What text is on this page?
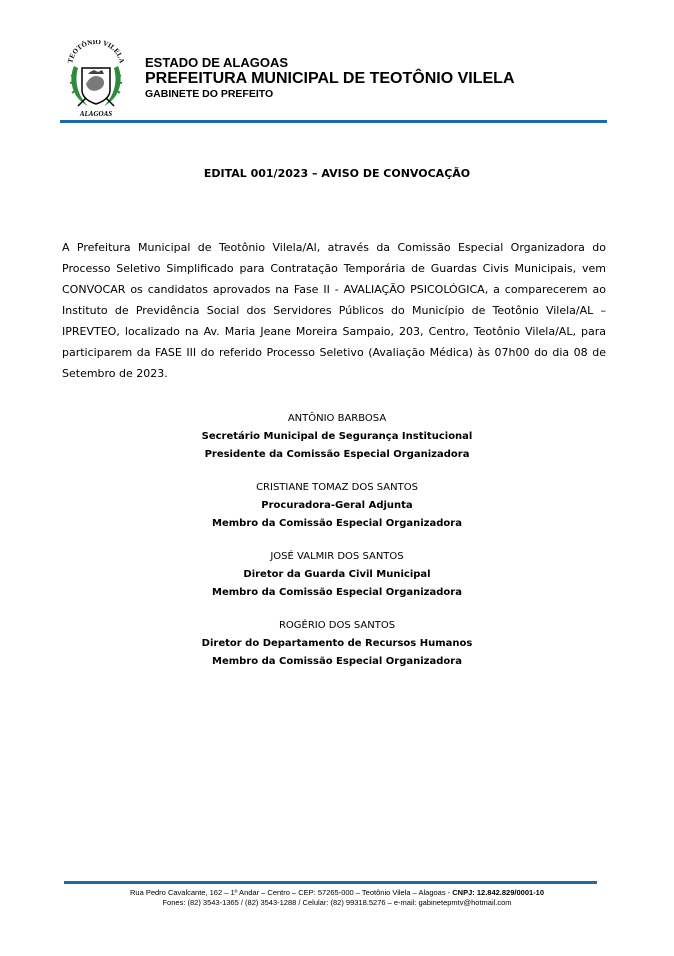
TEOTÔNIO VILELA
ALAGOAS
ESTADO DE ALAGOAS
PREFEITURA MUNICIPAL DE TEOTÔNIO VILELA
GABINETE DO PREFEITO
EDITAL 001/2023 – AVISO DE CONVOCAÇÃO
A Prefeitura Municipal de Teotônio Vilela/Al, através da Comissão Especial Organizadora do Processo Seletivo Simplificado para Contratação Temporária de Guardas Civis Municipais, vem CONVOCAR os candidatos aprovados na Fase II - AVALIAÇÃO PSICOLÓGICA, a comparecerem ao Instituto de Previdência Social dos Servidores Públicos do Município de Teotônio Vilela/AL – IPREVTEO, localizado na Av. Maria Jeane Moreira Sampaio, 203, Centro, Teotônio Vilela/AL, para participarem da FASE III do referido Processo Seletivo (Avaliação Médica) às 07h00 do dia 08 de Setembro de 2023.
ANTÔNIO BARBOSA
Secretário Municipal de Segurança Institucional
Presidente da Comissão Especial Organizadora
CRISTIANE TOMAZ DOS SANTOS
Procuradora-Geral Adjunta
Membro da Comissão Especial Organizadora
JOSÉ VALMIR DOS SANTOS
Diretor da Guarda Civil Municipal
Membro da Comissão Especial Organizadora
ROGÉRIO DOS SANTOS
Diretor do Departamento de Recursos Humanos
Membro da Comissão Especial Organizadora
Rua Pedro Cavalcante, 162 – 1º Andar – Centro – CEP: 57265-000 – Teotônio Vilela – Alagoas - CNPJ: 12.842.829/0001-10
Fones: (82) 3543-1365 / (82) 3543-1288 / Celular: (82) 99318.5276 – e-mail: gabinetepmtv@hotmail.com
